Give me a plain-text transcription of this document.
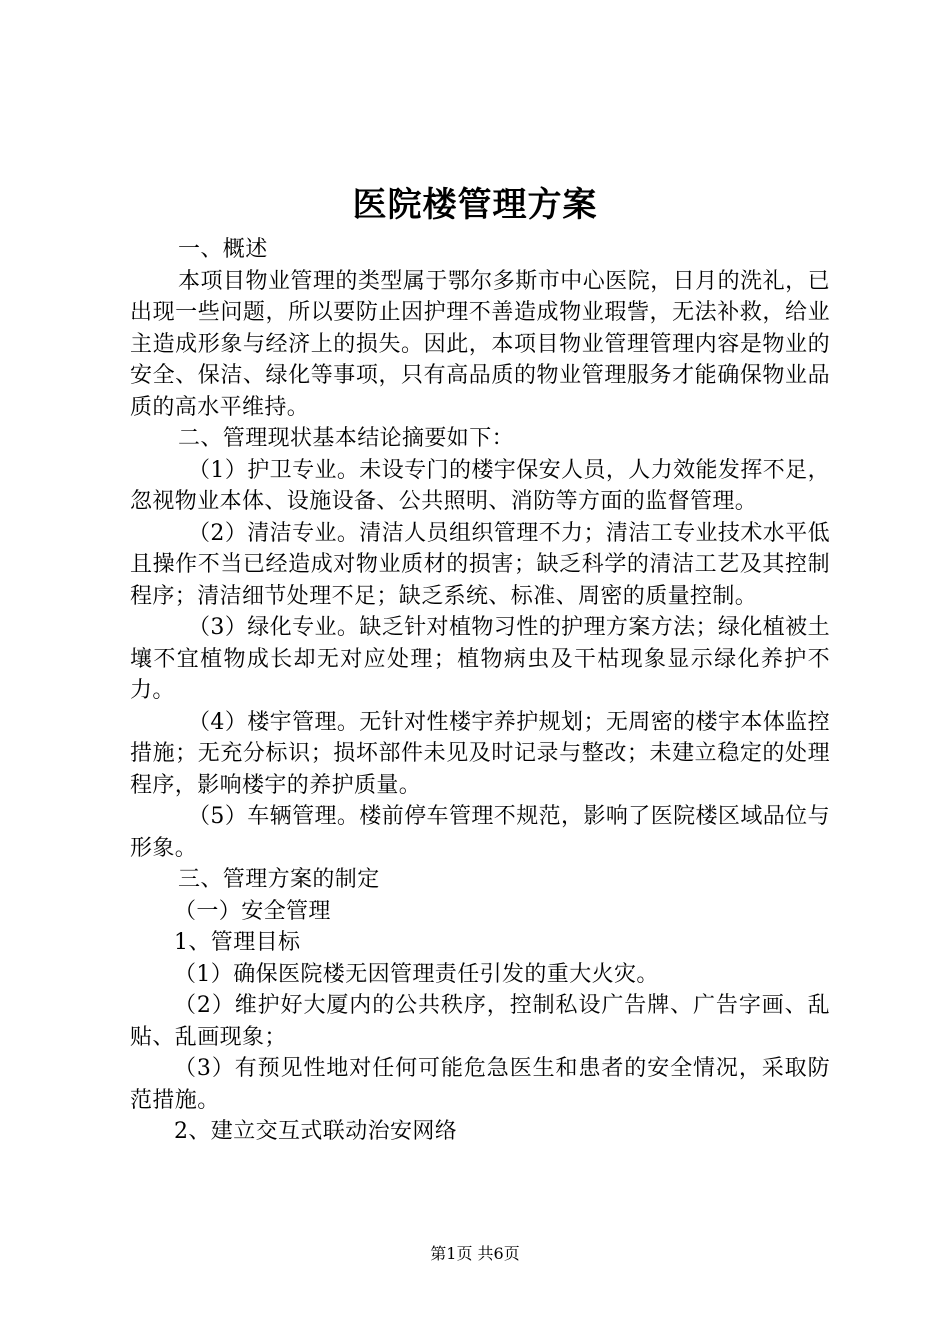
医院楼管理方案

一、概述

本项目物业管理的类型属于鄂尔多斯市中心医院，日月的洗礼，已出现一些问题，所以要防止因护理不善造成物业瑕訾，无法补救，给业主造成形象与经济上的损失。因此，本项目物业管理管理内容是物业的安全、保洁、绿化等事项，只有高品质的物业管理服务才能确保物业品质的高水平维持。

二、管理现状基本结论摘要如下：

（1）护卫专业。未设专门的楼宇保安人员，人力效能发挥不足，忽视物业本体、设施设备、公共照明、消防等方面的监督管理。

（2）清洁专业。清洁人员组织管理不力；清洁工专业技术水平低且操作不当已经造成对物业质材的损害；缺乏科学的清洁工艺及其控制程序；清洁细节处理不足；缺乏系统、标准、周密的质量控制。

（3）绿化专业。缺乏针对植物习性的护理方案方法；绿化植被土壤不宜植物成长却无对应处理；植物病虫及干枯现象显示绿化养护不力。

（4）楼宇管理。无针对性楼宇养护规划；无周密的楼宇本体监控措施；无充分标识；损坏部件未见及时记录与整改；未建立稳定的处理程序，影响楼宇的养护质量。

（5）车辆管理。楼前停车管理不规范，影响了医院楼区域品位与形象。

三、管理方案的制定

（一）安全管理

1、管理目标

（1）确保医院楼无因管理责任引发的重大火灾。

（2）维护好大厦内的公共秩序，控制私设广告牌、广告字画、乱贴、乱画现象；

（3）有预见性地对任何可能危急医生和患者的安全情况，采取防范措施。

2、建立交互式联动治安网络

第1页 共6页
